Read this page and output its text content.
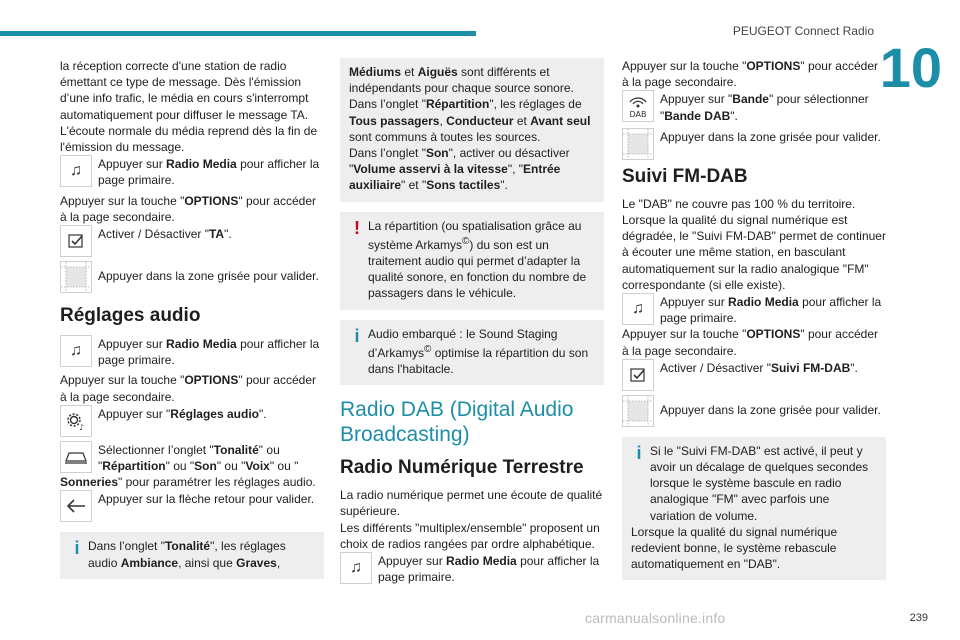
PEUGEOT Connect Radio
10

la réception correcte d'une station de radio émettant ce type de message. Dès l'émission d’une info trafic, le média en cours s'interrompt automatiquement pour diffuser le message TA. L'écoute normale du média reprend dès la fin de l'émission du message.

♫	Appuyer sur Radio Media pour afficher la page primaire.

Appuyer sur la touche "OPTIONS" pour accéder à la page secondaire.

Activer / Désactiver "TA".
Appuyer dans la zone grisée pour valider.
Réglages audio
♫	Appuyer sur Radio Media pour afficher la page primaire.

Appuyer sur la touche "OPTIONS" pour accéder à la page secondaire.

♪
Appuyer sur "Réglages audio".
Sélectionner l’onglet "Tonalité" ou "Répartition" ou "Son" ou "Voix" ou "

Sonneries" pour paramétrer les réglages audio.

Appuyer sur la flèche retour pour valider.
i Dans l’onglet "Tonalité", les réglages audio Ambiance, ainsi que Graves,

Médiums et Aiguës sont différents et indépendants pour chaque source sonore.

Dans l’onglet "Répartition", les réglages de Tous passagers, Conducteur et Avant seul sont communs à toutes les sources.

Dans l’onglet "Son", activer ou désactiver "Volume asservi à la vitesse", "Entrée auxiliaire" et "Sons tactiles".

! La répartition (ou spatialisation grâce au système Arkamys©) du son est un traitement audio qui permet d’adapter la qualité sonore, en fonction du nombre de passagers dans le véhicule.

i Audio embarqué : le Sound Staging d’Arkamys© optimise la répartition du son dans l'habitacle.

Radio DAB (Digital Audio Broadcasting)
Radio Numérique Terrestre

La radio numérique permet une écoute de qualité supérieure.

Les différents "multiplex/ensemble" proposent un choix de radios rangées par ordre alphabétique.

♫	Appuyer sur Radio Media pour afficher la page primaire.

Appuyer sur la touche "OPTIONS" pour accéder à la page secondaire.

DAB
Appuyer sur "Bande" pour sélectionner "Bande DAB".
Appuyer dans la zone grisée pour valider.
Suivi FM-DAB

Le "DAB" ne couvre pas 100 % du territoire. Lorsque la qualité du signal numérique est dégradée, le "Suivi FM-DAB" permet de continuer à écouter une même station, en basculant automatiquement sur la radio analogique "FM" correspondante (si elle existe).

♫	Appuyer sur Radio Media pour afficher la page primaire.

Appuyer sur la touche "OPTIONS" pour accéder à la page secondaire.

Activer / Désactiver "Suivi FM-DAB".
Appuyer dans la zone grisée pour valider.
i Si le "Suivi FM-DAB" est activé, il peut y avoir un décalage de quelques secondes lorsque le système bascule en radio analogique "FM" avec parfois une variation de volume.

Lorsque la qualité du signal numérique redevient bonne, le système rebascule automatiquement en "DAB".

carmanualsonline.info	239
